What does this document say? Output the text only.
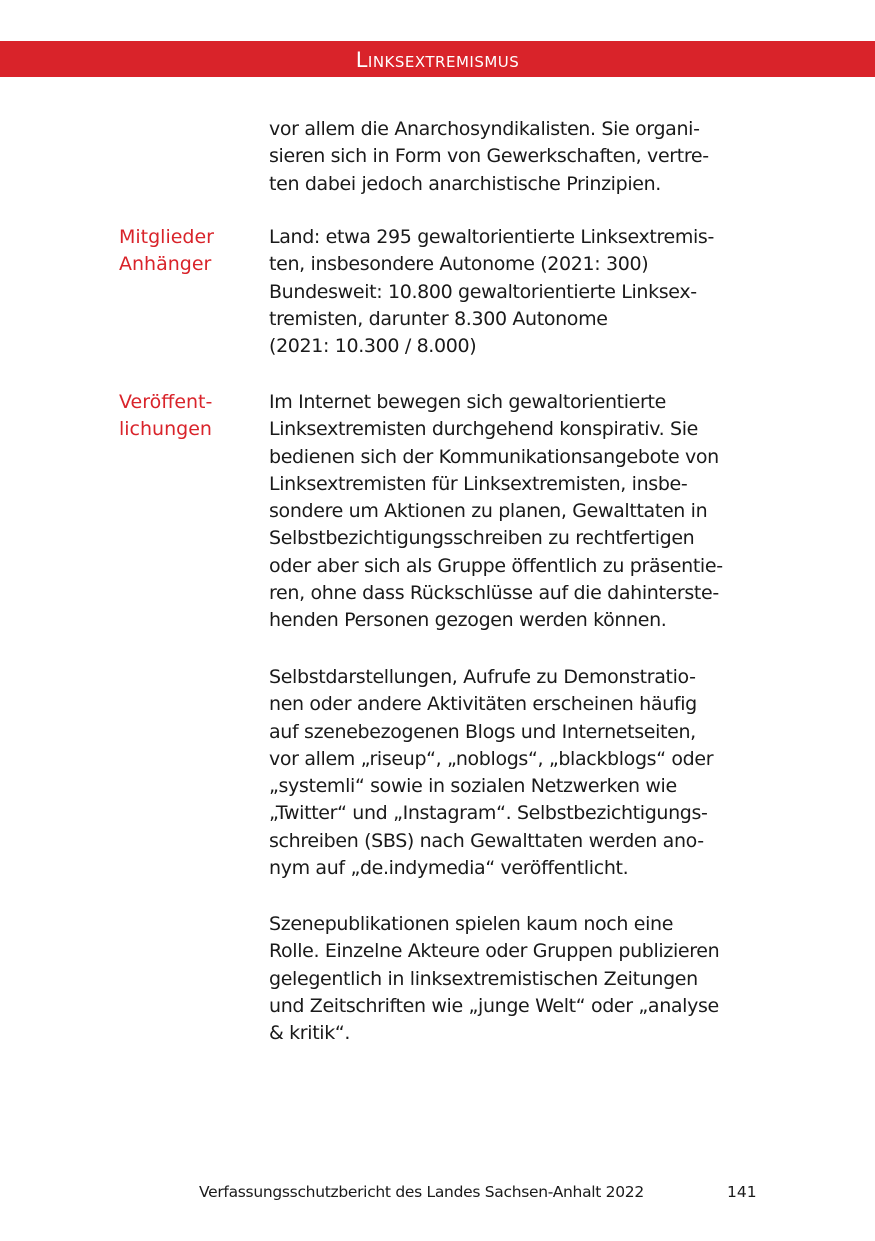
Linksextremismus
vor allem die Anarchosyndikalisten. Sie organi-
sieren sich in Form von Gewerkschaften, vertre-
ten dabei jedoch anarchistische Prinzipien.
Mitglieder
Anhänger
Land: etwa 295 gewaltorientierte Linksextremis-
ten, insbesondere Autonome (2021: 300)
Bundesweit: 10.800 gewaltorientierte Linksex-
tremisten, darunter 8.300 Autonome
(2021: 10.300 / 8.000)
Veröffent-
lichungen
Im Internet bewegen sich gewaltorientierte
Linksextremisten durchgehend konspirativ. Sie
bedienen sich der Kommunikationsangebote von
Linksextremisten für Linksextremisten, insbe-
sondere um Aktionen zu planen, Gewalttaten in
Selbstbezichtigungsschreiben zu rechtfertigen
oder aber sich als Gruppe öffentlich zu präsentie-
ren, ohne dass Rückschlüsse auf die dahinterste-
henden Personen gezogen werden können.
Selbstdarstellungen, Aufrufe zu Demonstratio-
nen oder andere Aktivitäten erscheinen häufig
auf szenebezogenen Blogs und Internetseiten,
vor allem „riseup“, „noblogs“, „blackblogs“ oder
„systemli“ sowie in sozialen Netzwerken wie
„Twitter“ und „Instagram“. Selbstbezichtigungs-
schreiben (SBS) nach Gewalttaten werden ano-
nym auf „de.indymedia“ veröffentlicht.
Szenepublikationen spielen kaum noch eine
Rolle. Einzelne Akteure oder Gruppen publizieren
gelegentlich in linksextremistischen Zeitungen
und Zeitschriften wie „junge Welt“ oder „analyse
& kritik“.
Verfassungsschutzbericht des Landes Sachsen-Anhalt 2022	141
